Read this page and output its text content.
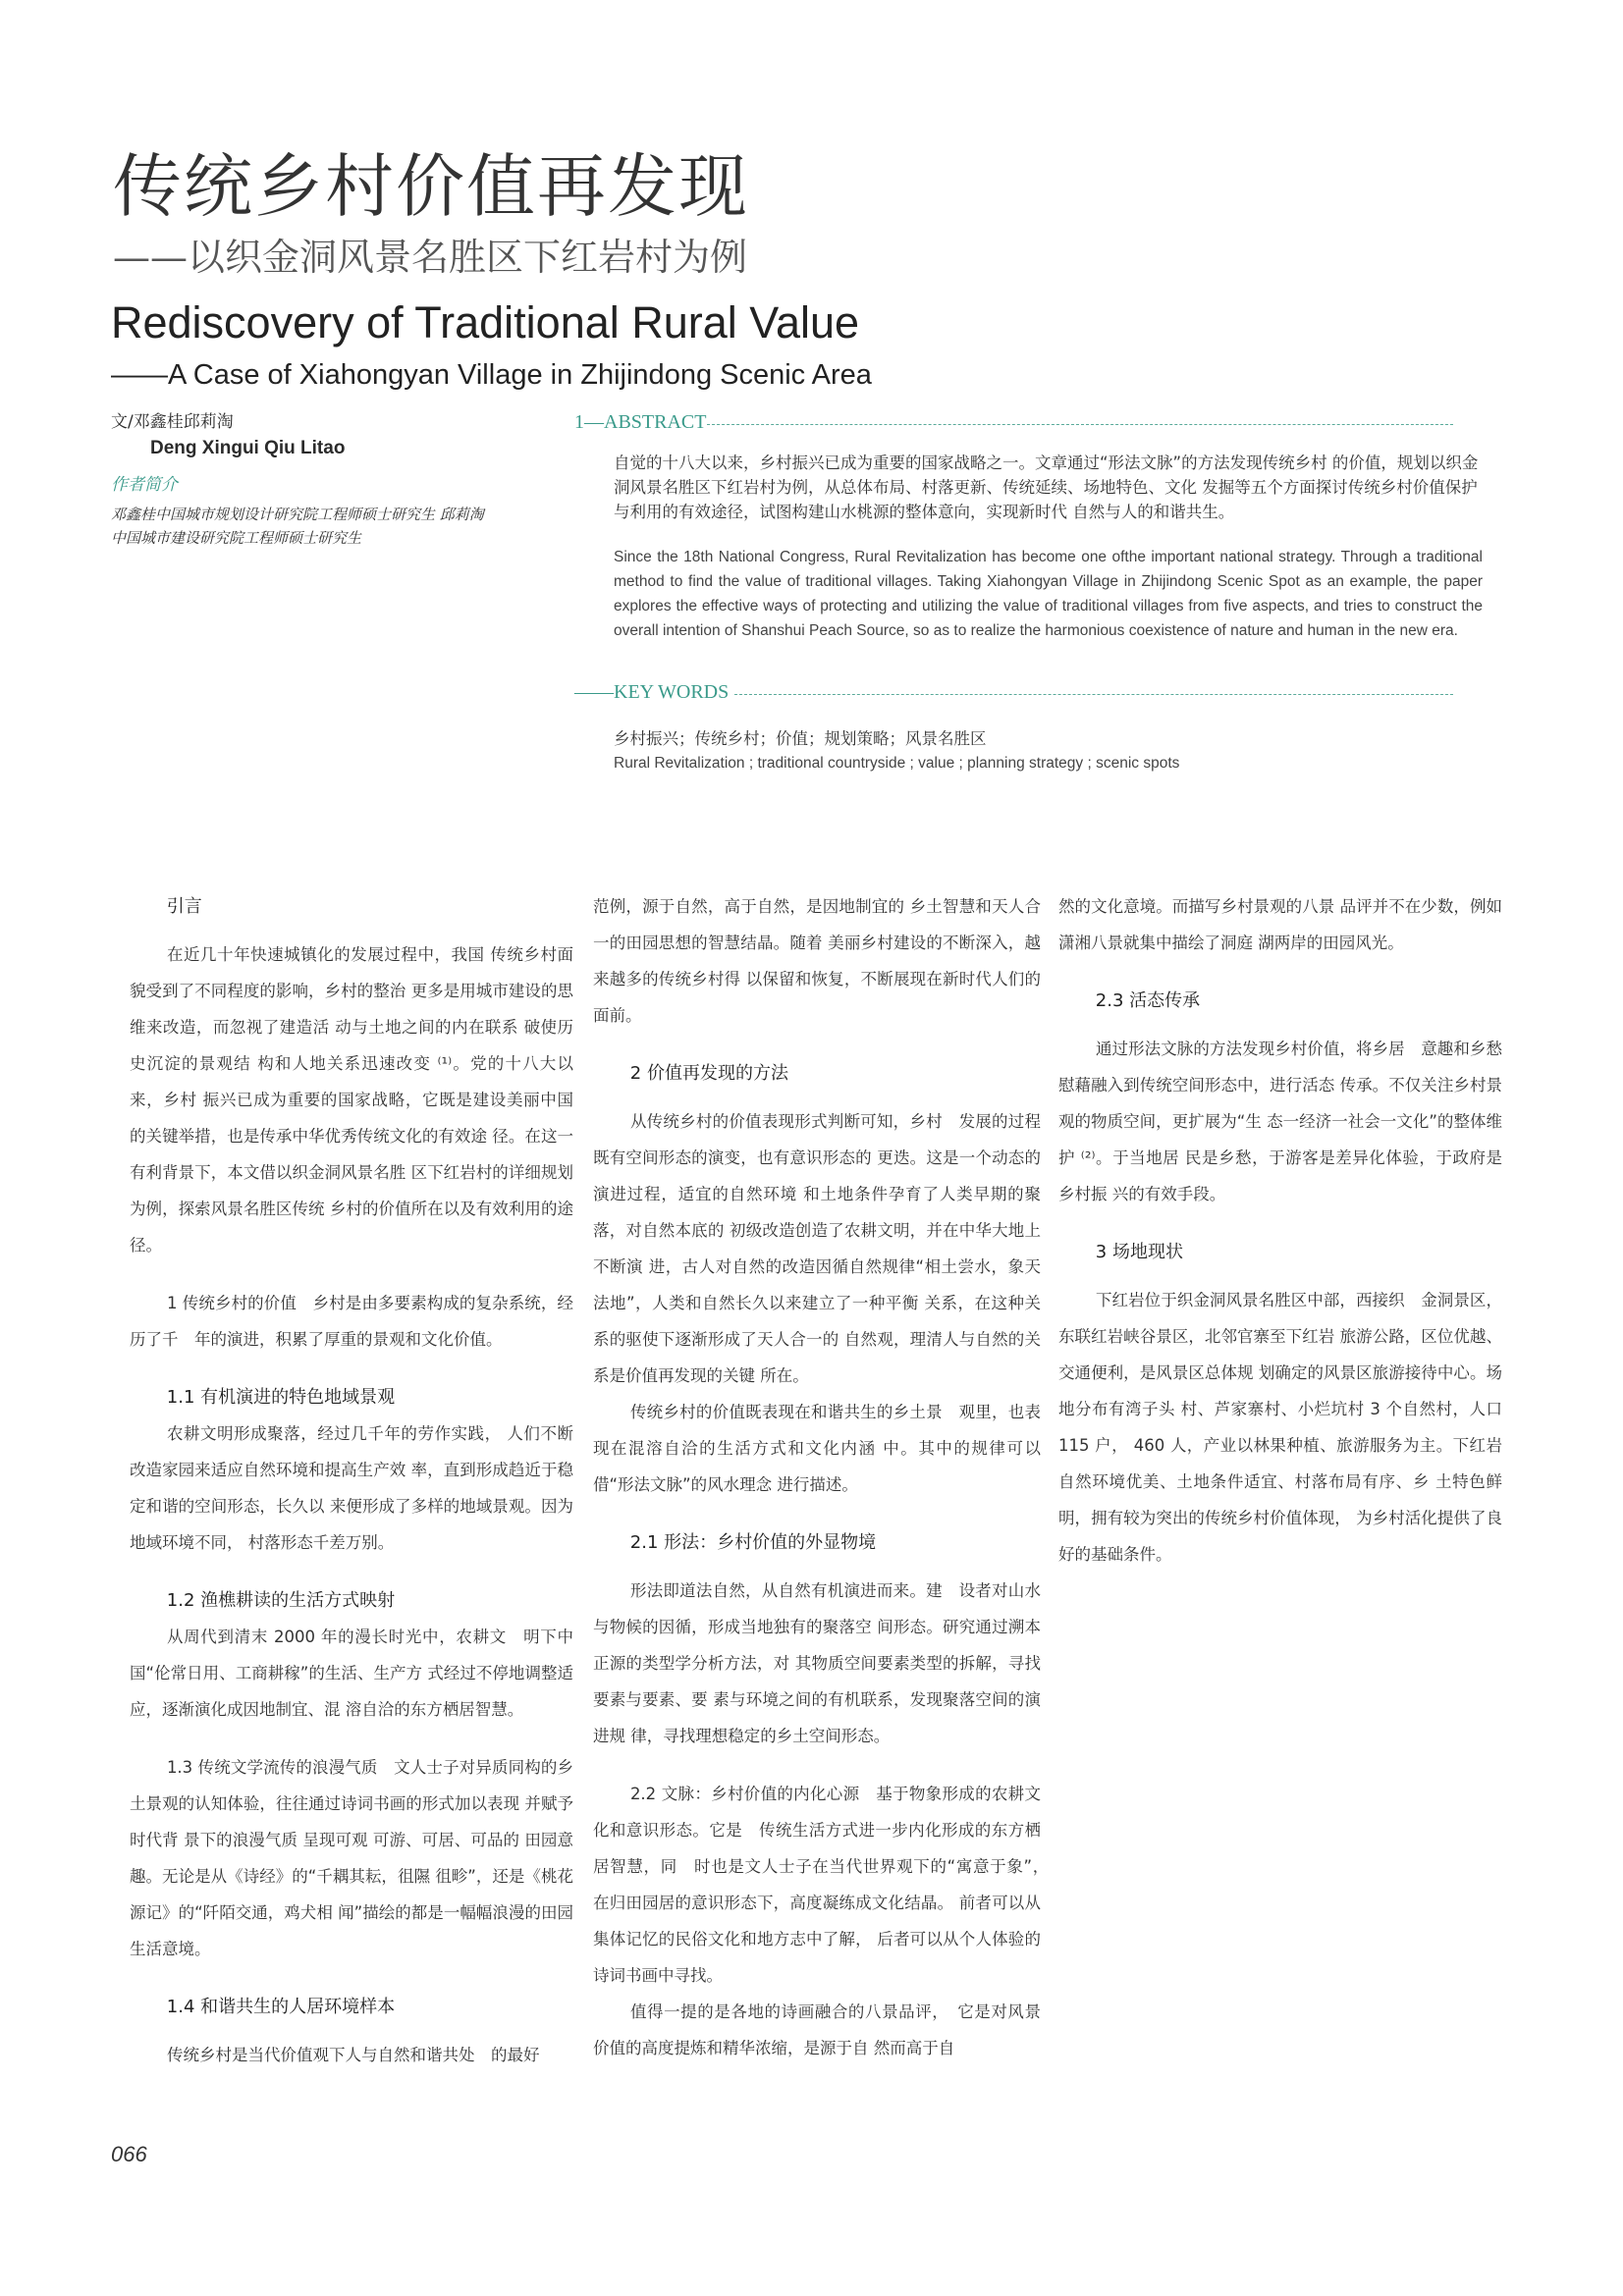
传统乡村价值再发现
——以织金洞风景名胜区下红岩村为例
Rediscovery of Traditional Rural Value
——A Case of Xiahongyan Village in Zhijindong Scenic Area
文/邓鑫桂邱莉淘
Deng Xingui Qiu Litao
作者简介
邓鑫桂中国城市规划设计研究院工程师硕士研究生 邱莉淘
中国城市建设研究院工程师硕士研究生
1—ABSTRACT
自觉的十八大以来，乡村振兴已成为重要的国家战略之一。文章通过“形法文脉”的方法发现传统乡村 的价值，规划以织金洞风景名胜区下红岩村为例，从总体布局、村落更新、传统延续、场地特色、文化 发掘等五个方面探讨传统乡村价值保护与利用的有效途径，试图构建山水桃源的整体意向，实现新时代 自然与人的和谐共生。
Since the 18th National Congress, Rural Revitalization has become one ofthe important national strategy. Through a traditional method to find the value of traditional villages. Taking Xiahongyan Village in Zhijindong Scenic Spot as an example, the paper explores the effective ways of protecting and utilizing the value of traditional villages from five aspects, and tries to construct the overall intention of Shanshui Peach Source, so as to realize the harmonious coexistence of nature and human in the new era.
——KEY WORDS
乡村振兴；传统乡村；价值；规划策略；风景名胜区
Rural Revitalization ; traditional countryside ; value ; planning strategy ; scenic spots
引言

在近几十年快速城镇化的发展过程中，我国 传统乡村面貌受到了不同程度的影响，乡村的整治 更多是用城市建设的思维来改造，而忽视了建造活 动与土地之间的内在联系 破使历史沉淀的景观结 构和人地关系迅速改变 ⁽¹⁾。党的十八大以来，乡村 振兴已成为重要的国家战略，它既是建设美丽中国 的关键举措，也是传承中华优秀传统文化的有效途 径。在这一有利背景下，本文借以织金洞风景名胜 区下红岩村的详细规划为例，探索风景名胜区传统 乡村的价值所在以及有效利用的途径。

1 传统乡村的价值　乡村是由多要素构成的复杂系统，经历了千　年的演进，积累了厚重的景观和文化价值。

1.1 有机演进的特色地域景观

农耕文明形成聚落，经过几千年的劳作实践， 人们不断改造家园来适应自然环境和提高生产效 率，直到形成趋近于稳定和谐的空间形态，长久以 来便形成了多样的地域景观。因为地域环境不同， 村落形态千差万别。

1.2 渔樵耕读的生活方式映射

从周代到清末 2000 年的漫长时光中，农耕文　明下中国“伦常日用、工商耕稼”的生活、生产方 式经过不停地调整适应，逐渐演化成因地制宜、混 溶自洽的东方栖居智慧。

1.3 传统文学流传的浪漫气质　文人士子对异质同构的乡土景观的认知体验，往往通过诗词书画的形式加以表现 并赋予时代背 景下的浪漫气质 呈现可观 可游、可居、可品的 田园意趣。无论是从《诗经》的“千耦其耘，徂隰 徂畛”，还是《桃花源记》的“阡陌交通，鸡犬相 闻”描绘的都是一幅幅浪漫的田园生活意境。

1.4 和谐共生的人居环境样本

传统乡村是当代价值观下人与自然和谐共处　的最好

范例，源于自然，高于自然，是因地制宜的 乡土智慧和天人合一的田园思想的智慧结晶。随着 美丽乡村建设的不断深入，越来越多的传统乡村得 以保留和恢复，不断展现在新时代人们的面前。

2 价值再发现的方法

从传统乡村的价值表现形式判断可知，乡村　发展的过程既有空间形态的演变，也有意识形态的 更迭。这是一个动态的演进过程，适宜的自然环境 和土地条件孕育了人类早期的聚落，对自然本底的 初级改造创造了农耕文明，并在中华大地上不断演 进，古人对自然的改造因循自然规律“相土尝水，象天法地”，人类和自然长久以来建立了一种平衡 关系，在这种关系的驱使下逐渐形成了天人合一的 自然观，理清人与自然的关系是价值再发现的关键 所在。

传统乡村的价值既表现在和谐共生的乡土景　观里，也表现在混溶自洽的生活方式和文化内涵 中。其中的规律可以借“形法文脉”的风水理念 进行描述。

2.1 形法：乡村价值的外显物境

形法即道法自然，从自然有机演进而来。建　设者对山水与物候的因循，形成当地独有的聚落空 间形态。研究通过溯本正源的类型学分析方法，对 其物质空间要素类型的拆解，寻找要素与要素、要 素与环境之间的有机联系，发现聚落空间的演进规 律，寻找理想稳定的乡土空间形态。

2.2 文脉：乡村价值的内化心源　基于物象形成的农耕文化和意识形态。它是　传统生活方式进一步内化形成的东方栖居智慧，同　时也是文人士子在当代世界观下的“寓意于象”，　在归田园居的意识形态下，高度凝练成文化结晶。 前者可以从集体记忆的民俗文化和地方志中了解， 后者可以从个人体验的诗词书画中寻找。

值得一提的是各地的诗画融合的八景品评，　它是对风景价值的高度提炼和精华浓缩，是源于自 然而高于自

然的文化意境。而描写乡村景观的八景 品评并不在少数，例如潇湘八景就集中描绘了洞庭 湖两岸的田园风光。

2.3 活态传承

通过形法文脉的方法发现乡村价值，将乡居　意趣和乡愁慰藉融入到传统空间形态中，进行活态 传承。不仅关注乡村景观的物质空间，更扩展为“生 态一经济一社会一文化”的整体维护 ⁽²⁾。于当地居 民是乡愁，于游客是差异化体验，于政府是乡村振 兴的有效手段。

3 场地现状

下红岩位于织金洞风景名胜区中部，西接织　金洞景区，东联红岩峡谷景区，北邻官寨至下红岩 旅游公路，区位优越、交通便利，是风景区总体规 划确定的风景区旅游接待中心。场地分布有湾子头 村、芦家寨村、小烂坑村 3 个自然村，人口 115 户， 460 人，产业以林果种植、旅游服务为主。下红岩 自然环境优美、土地条件适宜、村落布局有序、乡 土特色鲜明，拥有较为突出的传统乡村价值体现， 为乡村活化提供了良好的基础条件。

066
